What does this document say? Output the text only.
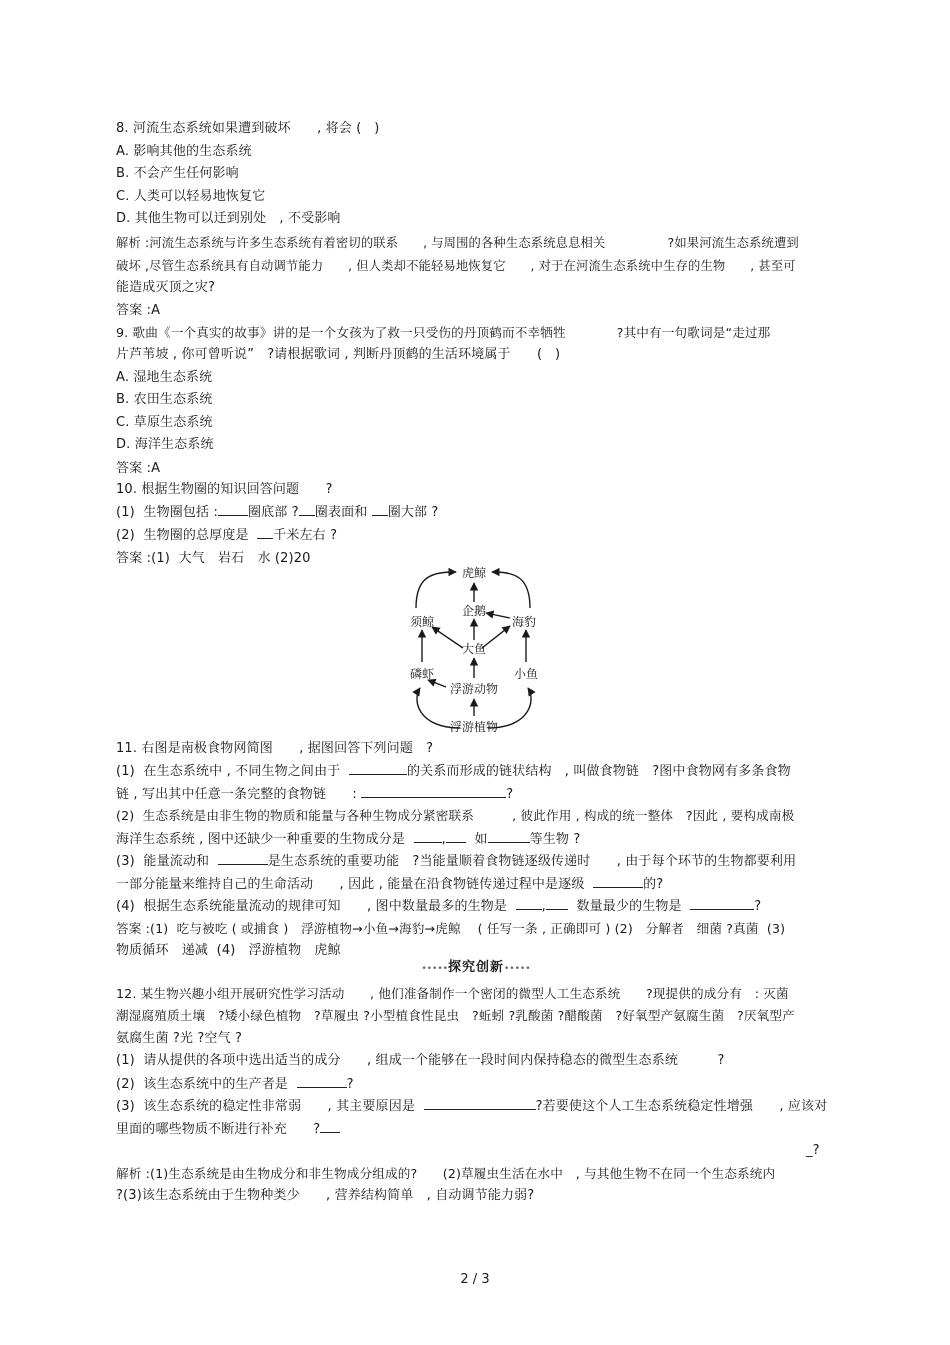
8. 河流生态系统如果遭到破坏　　, 将会 (   )
A. 影响其他的生态系统
B. 不会产生任何影响
C. 人类可以轻易地恢复它
D. 其他生物可以迁到别处　, 不受影响
解析 :河流生态系统与许多生态系统有着密切的联系　　, 与周围的各种生态系统息息相关　　　　　?如果河流生态系统遭到
破坏 ,尽管生态系统具有自动调节能力　　, 但人类却不能轻易地恢复它　　, 对于在河流生态系统中生存的生物　　, 甚至可
能造成灭顶之灾?
答案 :A
9. 歌曲《一个真实的故事》讲的是一个女孩为了救一只受伤的丹顶鹤而不幸牺牲　　　　?其中有一句歌词是“走过那
片芦苇坡 , 你可曾听说”　?请根据歌词 , 判断丹顶鹤的生活环境属于　　(   )
A. 湿地生态系统
B. 农田生态系统
C. 草原生态系统
D. 海洋生态系统
答案 :A
10. 根据生物圈的知识回答问题　　?
(1)  生物圈包括 : 圈底部 ? 圈表面和 圈大部 ?
(2)  生物圈的总厚度是 千米左右 ?
答案 :(1)  大气　岩石　水 (2)20
虎鲸
企鹅
须鲸	海豹
大鱼
磷虾
浮游动物
小鱼
浮游植物
11. 右图是南极食物网简图　　, 据图回答下列问题　?
(1)  在生态系统中 , 不同生物之间由于	的关系而形成的链状结构　, 叫做食物链　?图中食物网有多条食物
链 , 写出其中任意一条完整的食物链　　:	?
(2)  生态系统是由非生物的物质和能量与各种生物成分紧密联系　　　, 彼此作用 , 构成的统一整体　?因此 , 要构成南极
海洋生态系统 , 图中还缺少一种重要的生物成分是	, 如	等生物 ?
(3)  能量流动和	是生态系统的重要功能　?当能量顺着食物链逐级传递时　　, 由于每个环节的生物都要利用
一部分能量来维持自己的生命活动　　, 因此 , 能量在沿食物链传递过程中是逐级	的?
(4)  根据生态系统能量流动的规律可知　　, 图中数量最多的生物是	, 数量最少的生物是	?
答案 :(1)  吃与被吃 ( 或捕食 )　浮游植物→小鱼→海豹→虎鲸　 ( 任写一条 , 正确即可 ) (2)　分解者　细菌 ?真菌  (3)
物质循环　递减  (4)　浮游植物　虎鲸
•••••探究创新•••••
12. 某生物兴趣小组开展研究性学习活动　　, 他们准备制作一个密闭的微型人工生态系统　　?现提供的成分有　: 灭菌
潮湿腐殖质土壤　?矮小绿色植物　?草履虫 ?小型植食性昆虫　?蚯蚓 ?乳酸菌 ?醋酸菌　?好氧型产氨腐生菌　?厌氧型产
氨腐生菌 ?光 ?空气 ?
(1)  请从提供的各项中选出适当的成分　　, 组成一个能够在一段时间内保持稳态的微型生态系统　　　?
(2)  该生态系统中的生产者是	?
(3)  该生态系统的稳定性非常弱　　, 其主要原因是	?若要使这个人工生态系统稳定性增强　　, 应该对
里面的哪些物质不断进行补充　　?
_?
解析 :(1)生态系统是由生物成分和非生物成分组成的?　　(2)草履虫生活在水中　, 与其他生物不在同一个生态系统内
?(3)该生态系统由于生物种类少　　, 营养结构简单　, 自动调节能力弱?
2 / 3
